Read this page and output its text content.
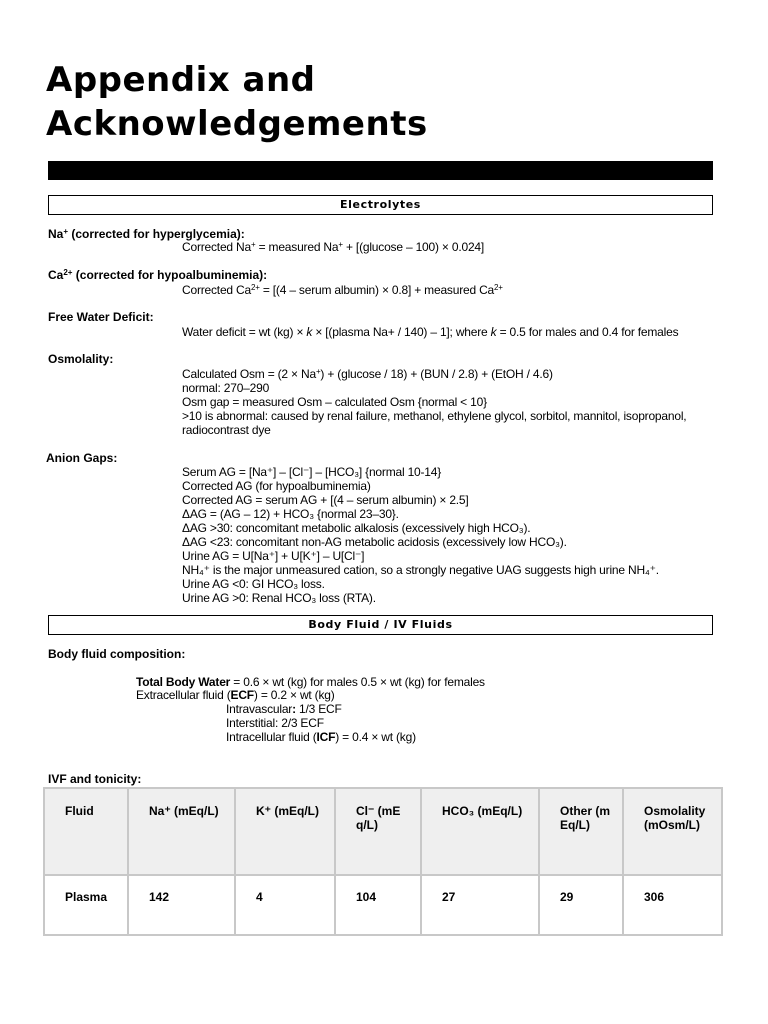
Appendix and
Acknowledgements
Electrolytes
Na+ (corrected for hyperglycemia):
Corrected Na+ = measured Na+ + [(glucose – 100) × 0.024]
$Ca^{2+}$ (corrected for hypoalbuminemia):
Corrected $Ca^{2+} = [(4$ – serum albumin) × 0.8] + measured $Ca^{2+}$
Free Water Deficit:
Water deficit = wt (kg) × k × [(plasma Na+ / 140) – 1]; where k = 0.5 for males and 0.4 for females
Osmolality:
Calculated Osm = (2 × Na+) + (glucose / 18) + (BUN / 2.8) + (EtOH / 4.6)
normal: 270–290
Osm gap = measured Osm – calculated Osm {normal < 10}
>10 is abnormal: caused by renal failure, methanol, ethylene glycol, sorbitol, mannitol, isopropanol,
radiocontrast dye
Anion Gaps:
Serum AG = [Na⁺] – [Cl⁻] – [HCO₃] {normal 10-14}
Corrected AG (for hypoalbuminemia)
Corrected AG = serum AG + [(4 – serum albumin) × 2.5]
ΔAG = (AG – 12) + HCO₃ {normal 23–30}.
ΔAG >30: concomitant metabolic alkalosis (excessively high HCO₃).
ΔAG <23: concomitant non-AG metabolic acidosis (excessively low HCO₃).
Urine AG = U[Na⁺] + U[K⁺] – U[Cl⁻]
NH₄⁺ is the major unmeasured cation, so a strongly negative UAG suggests high urine NH₄⁺.
Urine AG <0: GI HCO₃ loss.
Urine AG >0: Renal HCO₃ loss (RTA).
Body Fluid / IV Fluids
Body fluid composition:
Total Body Water = 0.6 × wt (kg) for males 0.5 × wt (kg) for females
Extracellular fluid (ECF) = 0.2 × wt (kg)
Intravascular: 1/3 ECF
Interstitial: 2/3 ECF
Intracellular fluid (ICF) = 0.4 × wt (kg)
IVF and tonicity:
Fluid	Na⁺ (mEq/L)	K⁺ (mEq/L)	Cl⁻ (mEq/L)	HCO₃ (mEq/L)	Other (mEq/L)	Osmolality (mOsm/L)
Plasma	142	4	104	27	29	306
